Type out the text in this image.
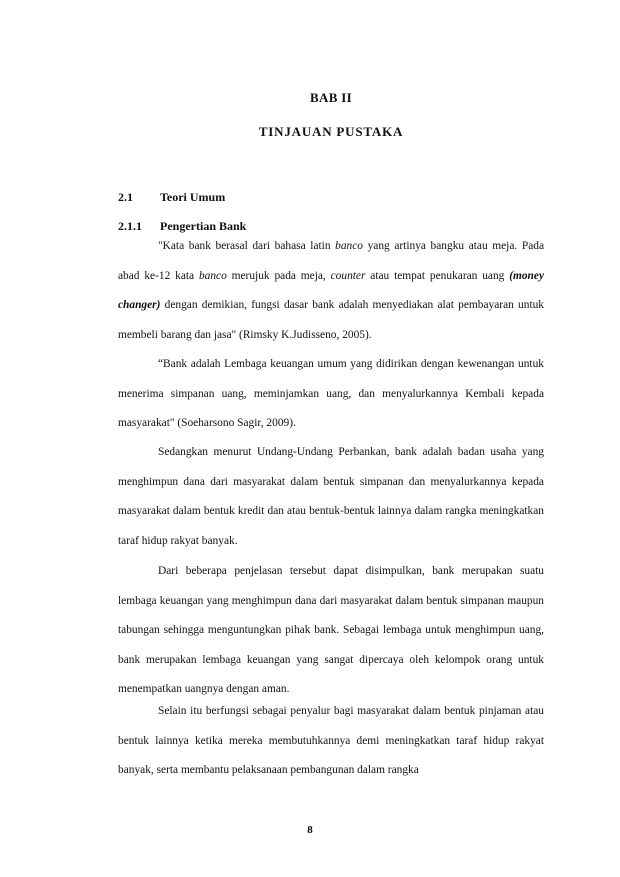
BAB II
TINJAUAN PUSTAKA
2.1 Teori Umum
2.1.1 Pengertian Bank

"Kata bank berasal dari bahasa latin banco yang artinya bangku atau meja. Pada abad ke-12 kata banco merujuk pada meja, counter atau tempat penukaran uang (money changer) dengan demikian, fungsi dasar bank adalah menyediakan alat pembayaran untuk membeli barang dan jasa" (Rimsky K.Judisseno, 2005).

“Bank adalah Lembaga keuangan umum yang didirikan dengan kewenangan untuk menerima simpanan uang, meminjamkan uang, dan menyalurkannya Kembali kepada masyarakat" (Soeharsono Sagir, 2009).

Sedangkan menurut Undang-Undang Perbankan, bank adalah badan usaha yang menghimpun dana dari masyarakat dalam bentuk simpanan dan menyalurkannya kepada masyarakat dalam bentuk kredit dan atau bentuk-bentuk lainnya dalam rangka meningkatkan taraf hidup rakyat banyak.

Dari beberapa penjelasan tersebut dapat disimpulkan, bank merupakan suatu lembaga keuangan yang menghimpun dana dari masyarakat dalam bentuk simpanan maupun tabungan sehingga menguntungkan pihak bank. Sebagai lembaga untuk menghimpun uang, bank merupakan lembaga keuangan yang sangat dipercaya oleh kelompok orang untuk menempatkan uangnya dengan aman.

Selain itu berfungsi sebagai penyalur bagi masyarakat dalam bentuk pinjaman atau bentuk lainnya ketika mereka membutuhkannya demi meningkatkan taraf hidup rakyat banyak, serta membantu pelaksanaan pembangunan dalam rangka

8
